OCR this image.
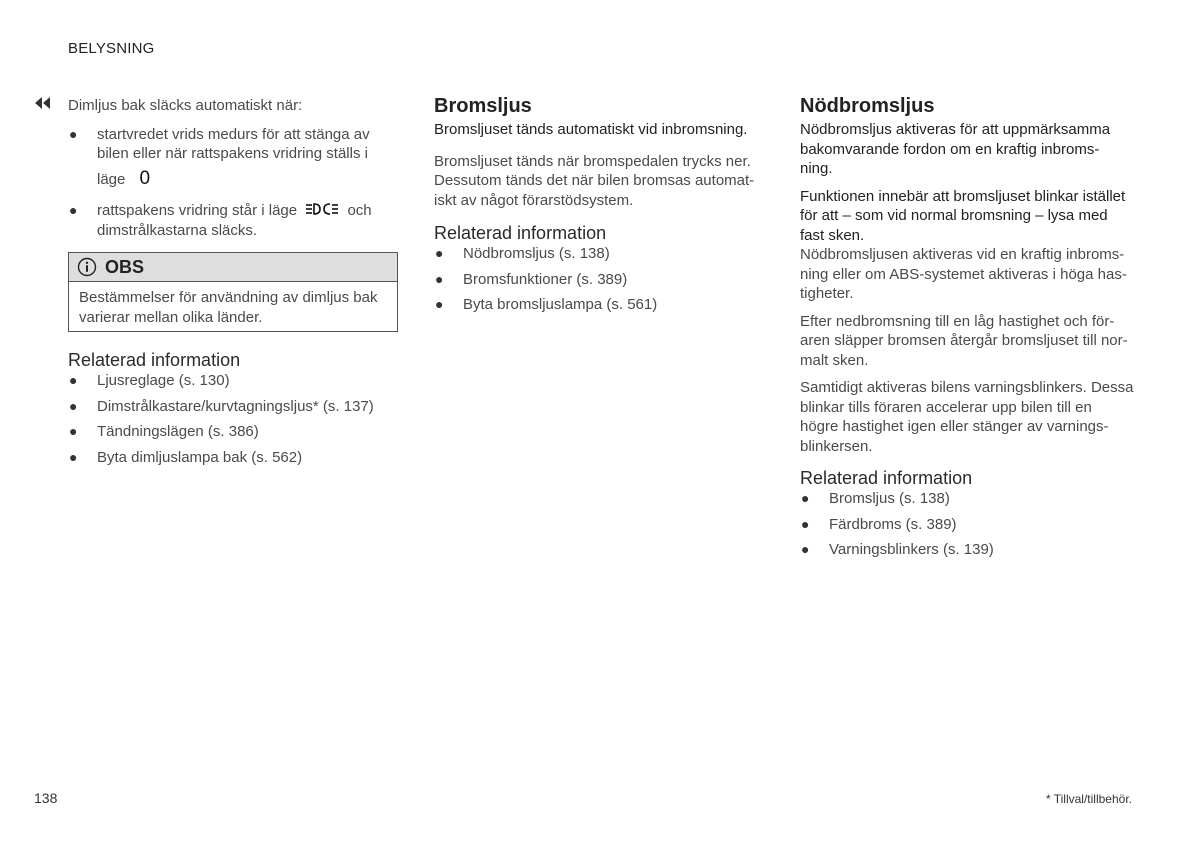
BELYSNING

Dimljus bak släcks automatiskt när:

● startvredet vrids medurs för att stänga av
bilen eller när rattspakens vridring ställs i
läge 0
● rattspakens vridring står i läge	och
dimstrålkastarna släcks.
OBS
Bestämmelser för användning av dimljus bak
varierar mellan olika länder.
Relaterad information
● Ljusreglage (s. 130)
● Dimstrålkastare/kurvtagningsljus* (s. 137)
● Tändningslägen (s. 386)
● Byta dimljuslampa bak (s. 562)
Bromsljus

Bromsljuset tänds automatiskt vid inbromsning.

Bromsljuset tänds när bromspedalen trycks ner.
Dessutom tänds det när bilen bromsas automat-
iskt av något förarstödsystem.

Relaterad information
● Nödbromsljus (s. 138)
● Bromsfunktioner (s. 389)
● Byta bromsljuslampa (s. 561)
Nödbromsljus

Nödbromsljus aktiveras för att uppmärksamma
bakomvarande fordon om en kraftig inbroms-
ning.

Funktionen innebär att bromsljuset blinkar istället
för att – som vid normal bromsning – lysa med
fast sken.

Nödbromsljusen aktiveras vid en kraftig inbroms-
ning eller om ABS-systemet aktiveras i höga has-
tigheter.

Efter nedbromsning till en låg hastighet och för-
aren släpper bromsen återgår bromsljuset till nor-
malt sken.

Samtidigt aktiveras bilens varningsblinkers. Dessa
blinkar tills föraren accelerar upp bilen till en
högre hastighet igen eller stänger av varnings-
blinkersen.

Relaterad information
● Bromsljus (s. 138)
● Färdbroms (s. 389)
● Varningsblinkers (s. 139)
138	* Tillval/tillbehör.
